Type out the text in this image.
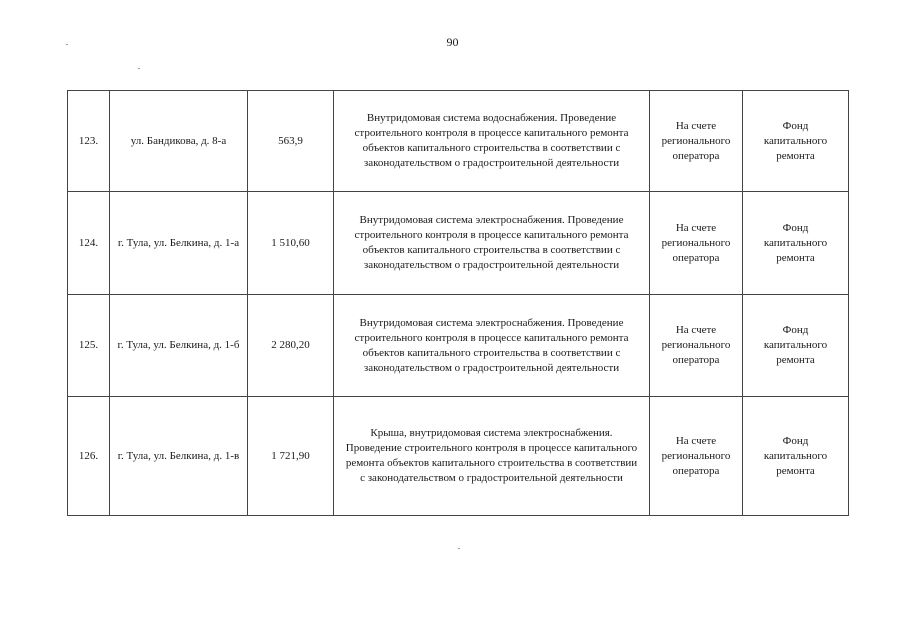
90
123.	ул. Бандикова, д. 8-а	563,9	Внутридомовая система водоснабжения. Проведение строительного контроля в процессе капитального ремонта объектов капитального строительства в соответствии с законодательством о градостроительной деятельности	На счете регионального оператора	Фонд капитального ремонта
124.	г. Тула, ул. Белкина, д. 1-а	1 510,60	Внутридомовая система электроснабжения. Проведение строительного контроля в процессе капитального ремонта объектов капитального строительства в соответствии с законодательством о градостроительной деятельности	На счете регионального оператора	Фонд капитального ремонта
125.	г. Тула, ул. Белкина, д. 1-б	2 280,20	Внутридомовая система электроснабжения. Проведение строительного контроля в процессе капитального ремонта объектов капитального строительства в соответствии с законодательством о градостроительной деятельности	На счете регионального оператора	Фонд капитального ремонта
126.	г. Тула, ул. Белкина, д. 1-в	1 721,90	Крыша, внутридомовая система электроснабжения. Проведение строительного контроля в процессе капитального ремонта объектов капитального строительства в соответствии с законодательством о градостроительной деятельности	На счете регионального оператора	Фонд капитального ремонта
